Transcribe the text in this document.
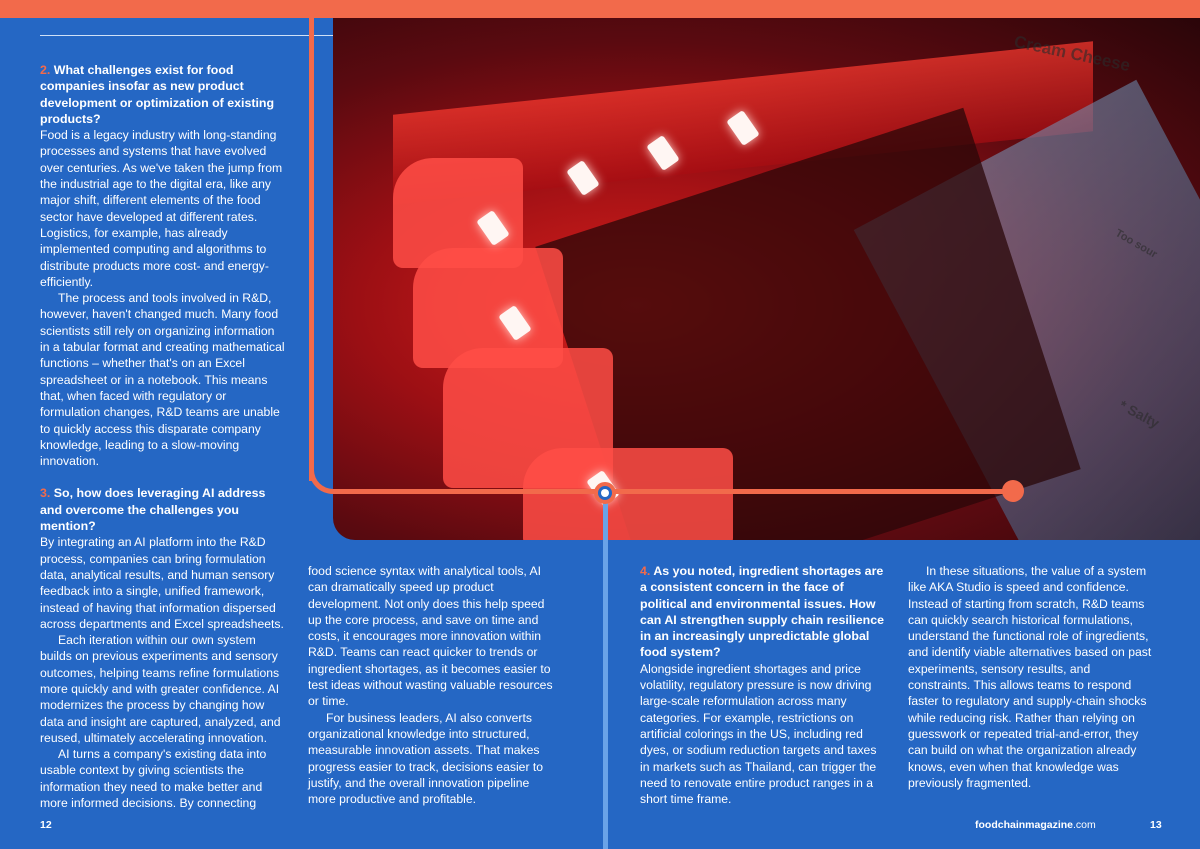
Cream Cheese
* Salty
Too sour
2. What challenges exist for food companies insofar as new product development or optimization of existing products?

Food is a legacy industry with long-standing processes and systems that have evolved over centuries. As we've taken the jump from the industrial age to the digital era, like any major shift, different elements of the food sector have developed at different rates. Logistics, for example, has already implemented computing and algorithms to distribute products more cost- and energy-efficiently.

The process and tools involved in R&D, however, haven't changed much. Many food scientists still rely on organizing information in a tabular format and creating mathematical functions – whether that's on an Excel spreadsheet or in a notebook. This means that, when faced with regulatory or formulation changes, R&D teams are unable to quickly access this disparate company knowledge, leading to a slow-moving innovation.

3. So, how does leveraging AI address and overcome the challenges you mention?

By integrating an AI platform into the R&D process, companies can bring formulation data, analytical results, and human sensory feedback into a single, unified framework, instead of having that information dispersed across departments and Excel spreadsheets.

Each iteration within our own system builds on previous experiments and sensory outcomes, helping teams refine formulations more quickly and with greater confidence. AI modernizes the process by changing how data and insight are captured, analyzed, and reused, ultimately accelerating innovation.

AI turns a company's existing data into usable context by giving scientists the information they need to make better and more informed decisions. By connecting

food science syntax with analytical tools, AI can dramatically speed up product development. Not only does this help speed up the core process, and save on time and costs, it encourages more innovation within R&D. Teams can react quicker to trends or ingredient shortages, as it becomes easier to test ideas without wasting valuable resources or time.

For business leaders, AI also converts organizational knowledge into structured, measurable innovation assets. That makes progress easier to track, decisions easier to justify, and the overall innovation pipeline more productive and profitable.

4. As you noted, ingredient shortages are a consistent concern in the face of political and environmental issues. How can AI strengthen supply chain resilience in an increasingly unpredictable global food system?

Alongside ingredient shortages and price volatility, regulatory pressure is now driving large-scale reformulation across many categories. For example, restrictions on artificial colorings in the US, including red dyes, or sodium reduction targets and taxes in markets such as Thailand, can trigger the need to renovate entire product ranges in a short time frame.

In these situations, the value of a system like AKA Studio is speed and confidence. Instead of starting from scratch, R&D teams can quickly search historical formulations, understand the functional role of ingredients, and identify viable alternatives based on past experiments, sensory results, and constraints. This allows teams to respond faster to regulatory and supply-chain shocks while reducing risk. Rather than relying on guesswork or repeated trial-and-error, they can build on what the organization already knows, even when that knowledge was previously fragmented.

12	foodchainmagazine.com	13
